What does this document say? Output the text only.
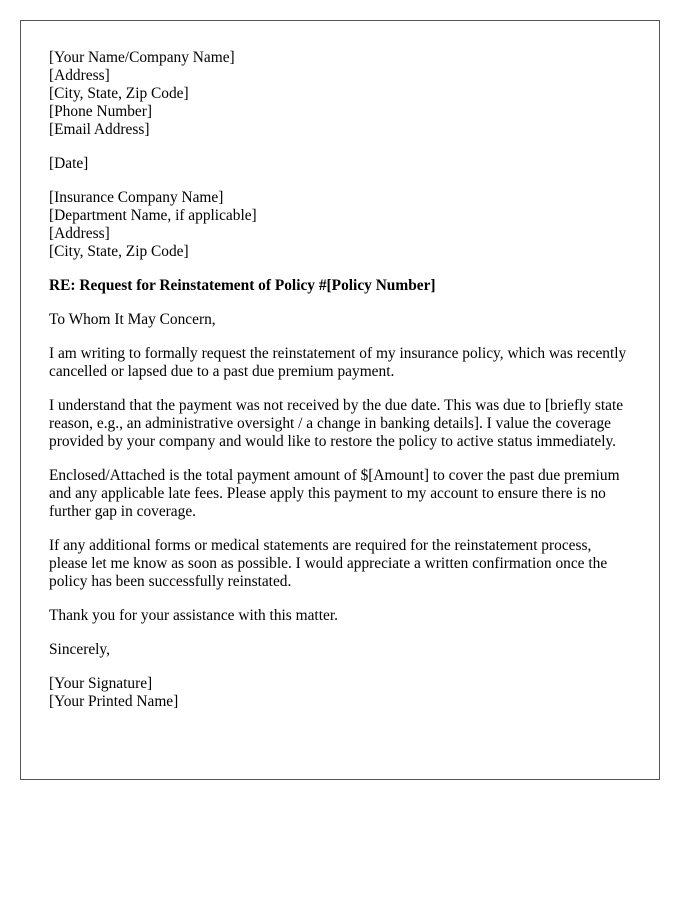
[Your Name/Company Name]
[Address]
[City, State, Zip Code]
[Phone Number]
[Email Address]
[Date]
[Insurance Company Name]
[Department Name, if applicable]
[Address]
[City, State, Zip Code]

RE: Request for Reinstatement of Policy #[Policy Number]

To Whom It May Concern,

I am writing to formally request the reinstatement of my insurance policy, which was recently cancelled or lapsed due to a past due premium payment.

I understand that the payment was not received by the due date. This was due to [briefly state reason, e.g., an administrative oversight / a change in banking details]. I value the coverage provided by your company and would like to restore the policy to active status immediately.

Enclosed/Attached is the total payment amount of $[Amount] to cover the past due premium and any applicable late fees. Please apply this payment to my account to ensure there is no further gap in coverage.

If any additional forms or medical statements are required for the reinstatement process, please let me know as soon as possible. I would appreciate a written confirmation once the policy has been successfully reinstated.

Thank you for your assistance with this matter.

Sincerely,

[Your Signature]
[Your Printed Name]
